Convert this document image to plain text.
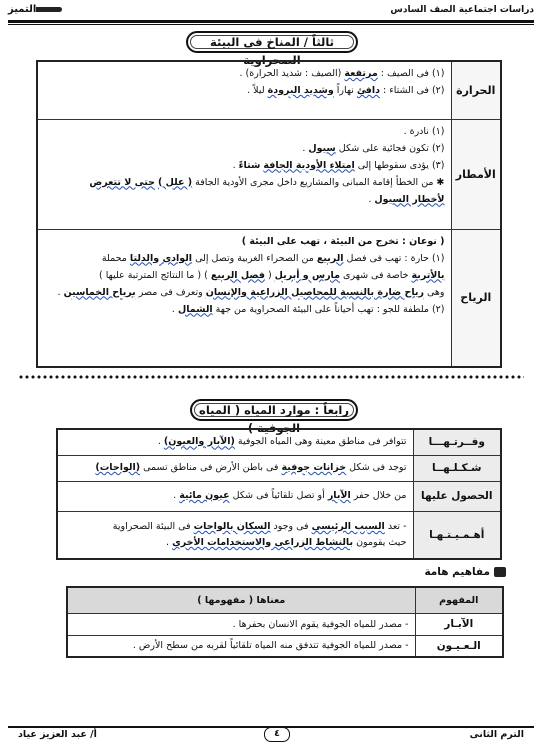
دراسات اجتماعية الصف السادس
التميز
ثالثاً / المناخ فى البيئة الصحراوية
الحرارة	(١) فى الصيف : مرتفعة (الصيف : شديد الحرارة) .
(٢) فى الشتاء : دافئ نهاراً وشديد البرودة ليلاً .

الأمطار	(١) نادرة .
(٢) تكون فجائية على شكل سيول .
(٣) يؤدى سقوطها إلى امتلاء الأودية الجافة شتاءً .
✱ من الخطأ إقامة المبانى والمشاريع داخل مجرى الأودية الجافة ( علل ) حتى لا تتعرض
لأخطار السيول .

الرياح	( نوعان : تخرج من البيئة ، تهب على البيئة )
(١) حارة : تهب فى فصل الربيع من الصحراء الغربية وتصل إلى الوادى والدلتا محملة
بالأتربة خاصة فى شهرى مارس و أبريل ( فصل الربيع ) ( ما النتائج المترتبة عليها )
وهى رياح ضارة بالنسبة للمحاصيل الزراعية والإنسان وتعرف فى مصر برياح الخماسين .
(٢) ملطفة للجو : تهب أحياناً على البيئة الصحراوية من جهة الشمال .
رابعاً : موارد المياه ( المياه الجوفية )
وفــرتـهـــا	تتوافر فى مناطق معينة وهى المياه الجوفية (الآبار والعيون) .

شـكـلـهــا	توجد فى شكل خزانات جوفية فى باطن الأرض فى مناطق تسمى (الواحات)

الحصول عليها	من خلال حفر الآبار أو تصل تلقائياً فى شكل عيون مائية .

أهـمـيـتـهـا	- تعد السبب الرئيسى فى وجود السكان بالواحات فى البيئة الصحراوية
حيث يقومون بالنشاط الزراعى والاستخدامات الأخرى .
مفاهيم هامة
المفهوم	معناها ( مفهومها )
الآبـار	- مصدر للمياه الجوفية يقوم الانسان بحفرها .
الـعـيـون	- مصدر للمياه الجوفية تتدفق منه المياه تلقائياً لقربه من سطح الأرض .
الترم الثانى
٤
أ/ عبد العزيز عياد
